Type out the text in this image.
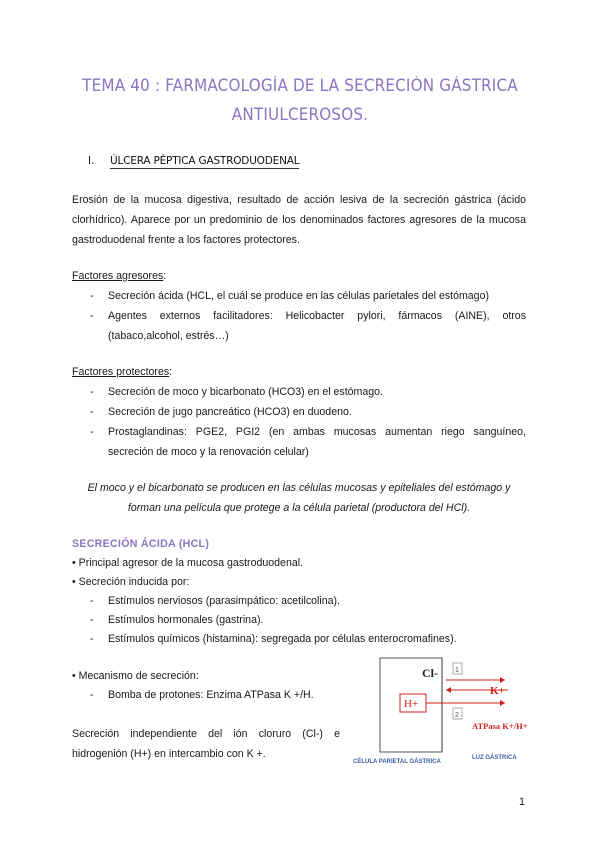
TEMA 40 : FARMACOLOGÍA DE LA SECRECIÓN GÁSTRICA
ANTIULCEROSOS.
I. ÚLCERA PÉPTICA GASTRODUODENAL

Erosión de la mucosa digestiva, resultado de acción lesiva de la secreción gástrica (ácido clorhídrico). Aparece por un predominio de los denominados factores agresores de la mucosa gastroduodenal frente a los factores protectores.

Factores agresores:
- Secreción ácida (HCL, el cuál se produce en las células parietales del estómago)
- Agentes externos facilitadores: Helicobacter pylori, fármacos (AINE), otros (tabaco,alcohol, estrés…)
Factores protectores:
- Secreción de moco y bicarbonato (HCO3) en el estómago.
- Secreción de jugo pancreático (HCO3) en duodeno.
- Prostaglandinas: PGE2, PGI2 (en ambas mucosas aumentan riego sanguíneo, secreción de moco y la renovación celular)
El moco y el bicarbonato se producen en las células mucosas y epiteliales del estómago y
forman una película que protege a la célula parietal (productora del HCl).
SECRECIÓN ÁCIDA (HCL)
• Principal agresor de la mucosa gastroduodenal.
• Secreción inducida por:
- Estímulos nerviosos (parasimpático: acetilcolina).
- Estímulos hormonales (gastrina).
- Estímulos químicos (histamina): segregada por células enterocromafines).
• Mecanismo de secreción:
- Bomba de protones: Enzima ATPasa K +/H.

Secreción independiente del ión cloruro (Cl-) e hidrogenión (H+) en intercambio con K +.

Cl- 1
K+
H+
2
ATPasa K+/H+
CÉLULA PARIETAL GÁSTRICA
LUZ GÁSTRICA
1
